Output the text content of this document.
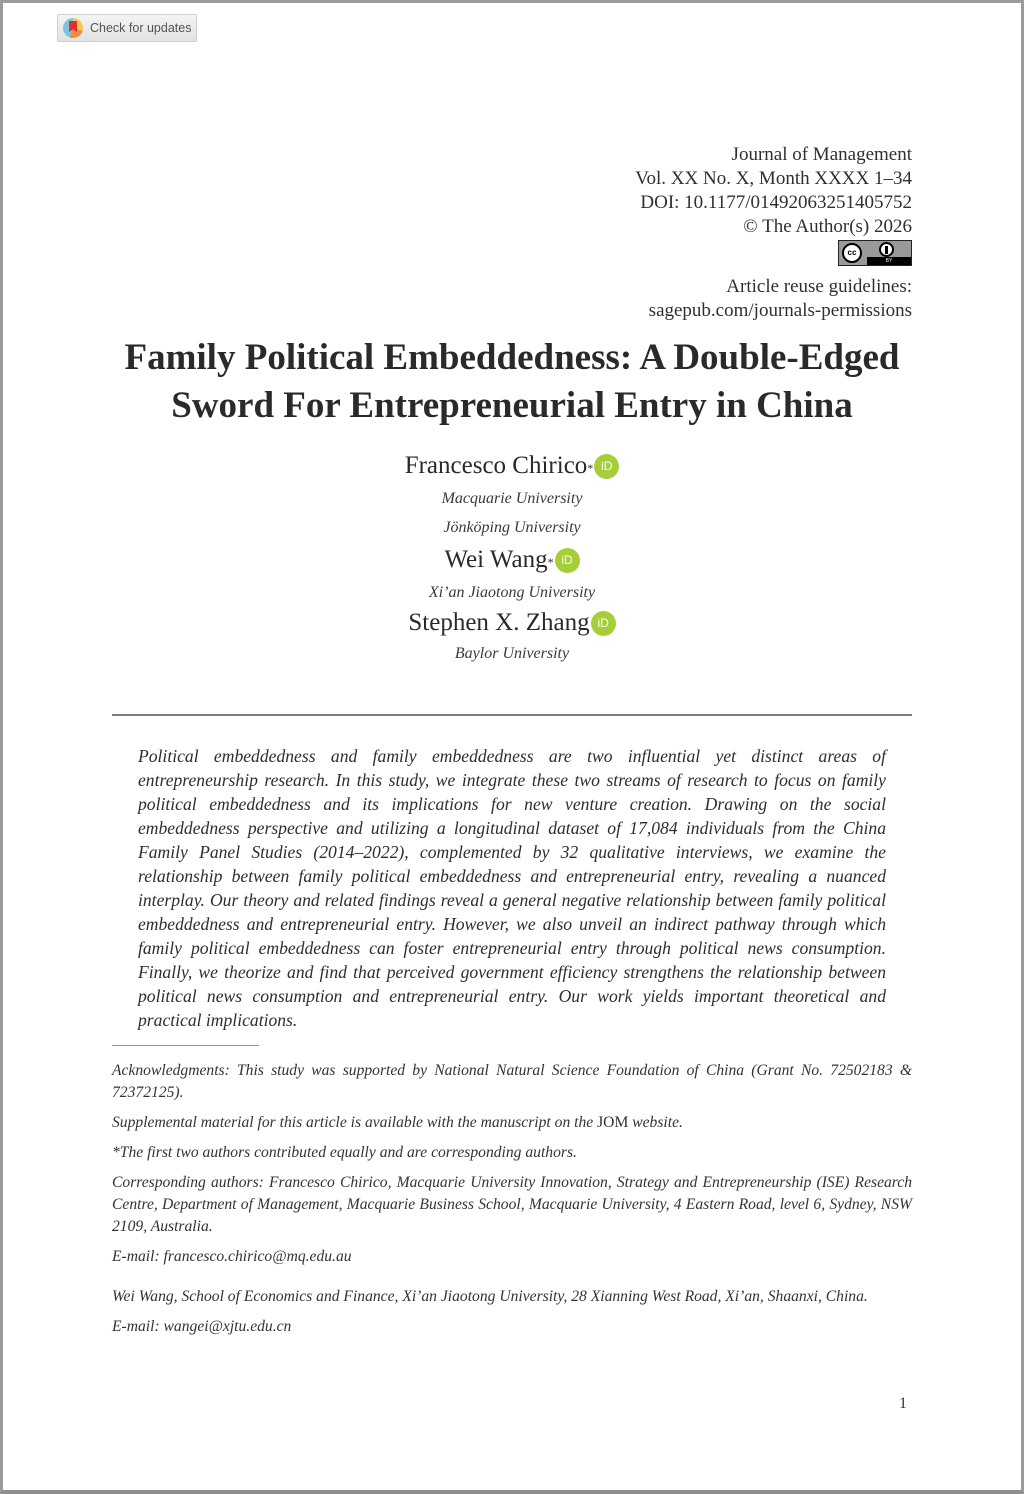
Check for updates
Journal of Management
Vol. XX No. X, Month XXXX 1–34
DOI: 10.1177/01492063251405752
© The Author(s) 2026
cc
BY
Article reuse guidelines:
sagepub.com/journals-permissions
Family Political Embeddedness: A Double-Edged
Sword For Entrepreneurial Entry in China
Francesco Chirico * iD
Macquarie University
Jönköping University
Wei Wang * iD
Xi’an Jiaotong University
Stephen X. Zhang iD
Baylor University

Political embeddedness and family embeddedness are two influential yet distinct areas of entrepreneurship research. In this study, we integrate these two streams of research to focus on family political embeddedness and its implications for new venture creation. Drawing on the social embeddedness perspective and utilizing a longitudinal dataset of 17,084 individuals from the China Family Panel Studies (2014–2022), complemented by 32 qualitative interviews, we examine the relationship between family political embeddedness and entrepreneurial entry, revealing a nuanced interplay. Our theory and related findings reveal a general negative relationship between family political embeddedness and entrepreneurial entry. However, we also unveil an indirect pathway through which family political embeddedness can foster entrepreneurial entry through political news consumption. Finally, we theorize and find that perceived government efficiency strengthens the relationship between political news consumption and entrepreneurial entry. Our work yields important theoretical and practical implications.

Acknowledgments: This study was supported by National Natural Science Foundation of China (Grant No. 72502183 & 72372125).

Supplemental material for this article is available with the manuscript on the JOM website.

*The first two authors contributed equally and are corresponding authors.

Corresponding authors: Francesco Chirico, Macquarie University Innovation, Strategy and Entrepreneurship (ISE) Research Centre, Department of Management, Macquarie Business School, Macquarie University, 4 Eastern Road, level 6, Sydney, NSW 2109, Australia.

E-mail: francesco.chirico@mq.edu.au

Wei Wang, School of Economics and Finance, Xi’an Jiaotong University, 28 Xianning West Road, Xi’an, Shaanxi, China.

E-mail: wangei@xjtu.edu.cn

1
